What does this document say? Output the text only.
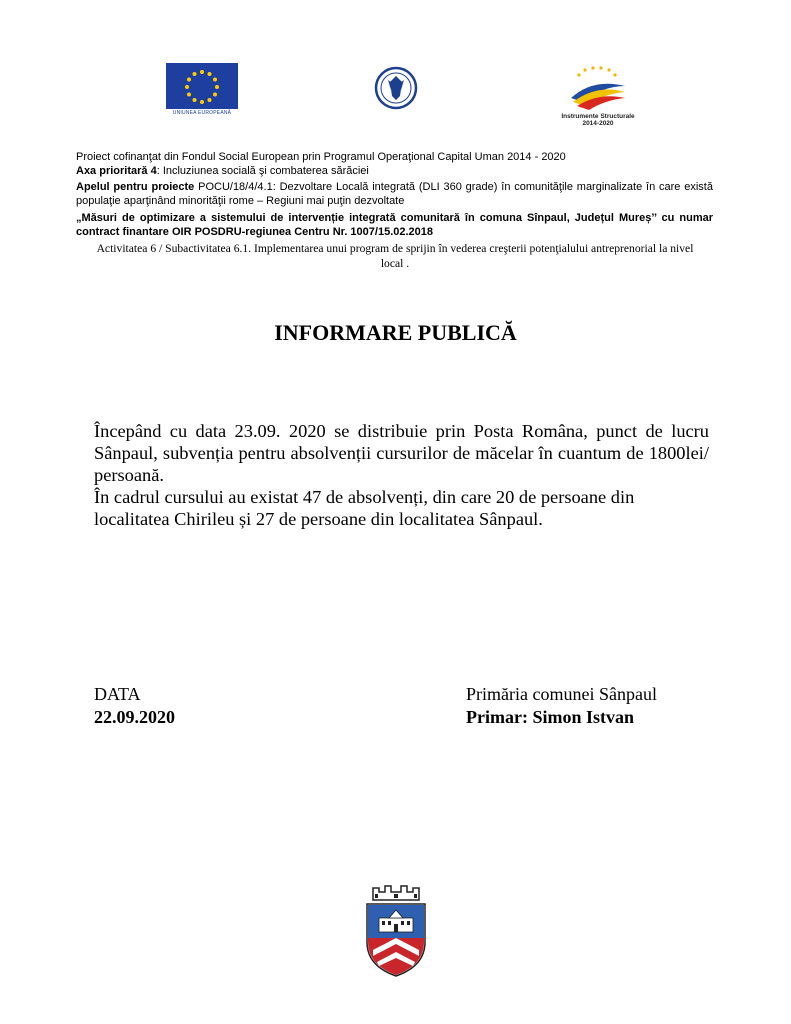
UNIUNEA EUROPEANĂ	Instrumente Structurale
2014-2020
Proiect cofinanţat din Fondul Social European prin Programul Operaţional Capital Uman 2014 - 2020
Axa prioritară 4: Incluziunea socială şi combaterea sărăciei
Apelul pentru proiecte POCU/18/4/4.1: Dezvoltare Locală integrată (DLI 360 grade) în comunităţile marginalizate în care există populaţie aparţinând minorităţii rome – Regiuni mai puţin dezvoltate
„Măsuri de optimizare a sistemului de intervenție integrată comunitară în comuna Sînpaul, Județul Mureș’’ cu numar contract finantare OIR POSDRU-regiunea Centru Nr. 1007/15.02.2018
Activitatea 6 / Subactivitatea 6.1. Implementarea unui program de sprijin în vederea creşterii potenţialului antreprenorial la nivel local .
INFORMARE PUBLICĂ

Începând cu data 23.09. 2020 se distribuie prin Posta Româna, punct de lucru Sânpaul, subvenția pentru absolvenții cursurilor de măcelar în cuantum de 1800lei/ persoană.

În cadrul cursului au existat 47 de absolvenți, din care 20 de persoane din localitatea Chirileu și 27 de persoane din localitatea Sânpaul.

DATA
22.09.2020
Primăria comunei Sânpaul
Primar: Simon Istvan
